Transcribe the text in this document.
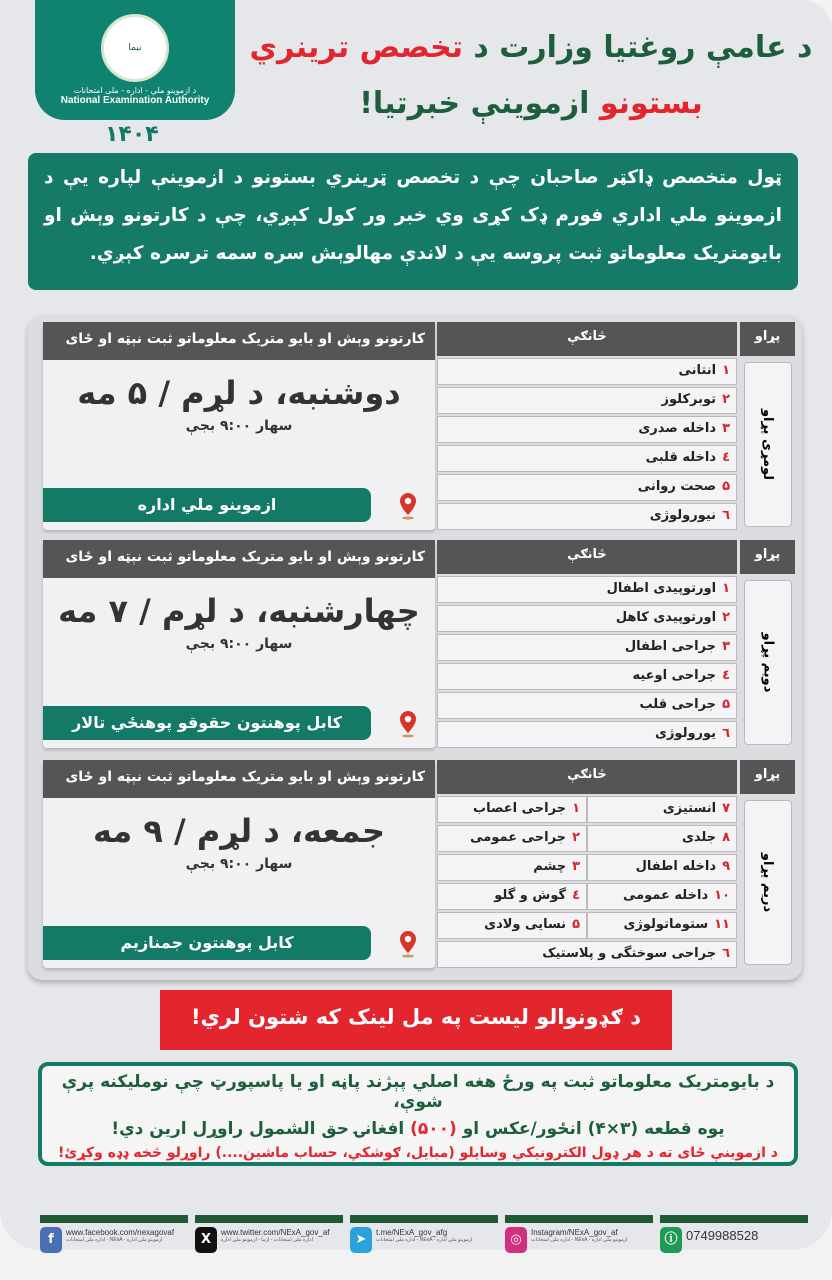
نیما
د ازموینو ملي - اداره - ملی امتحانات
National Examination Authority
۱۴۰۴
د عامې روغتیا وزارت د تخصص ترینري
بستونو ازموینې خبرتیا!
ټول متخصص ډاکټر صاحبان چې د تخصص ټرینري بستونو د ازموینې لپاره یې د ازموینو ملي اداري فورم ډک کړی وي خبر ور کول کېږي، چې د کارتونو وېش او بایومتریک معلوماتو ثبت پروسه یې د لاندې مهالوېش سره سمه ترسره کېږي.
کارتونو وېش او بایو متریک معلوماتو ثبت نېټه او ځای
دوشنبه، د لړم / ۵ مه
سهار ۹:۰۰ بجې
ازموینو ملي اداره
څانګې
۱انتانی
۲توبرکلوز
۳داخله صدری
٤داخله قلبی
۵صحت روانی
٦نیورولوژی
پړاو
لومړی پړاو
کارتونو وېش او بایو متریک معلوماتو ثبت نېټه او ځای
چهارشنبه، د لړم / ۷ مه
سهار ۹:۰۰ بجې
کابل پوهنتون حقوقو پوهنځي تالار
څانګې
۱اورتوپیدی اطفال
۲اورتوپیدی کاهل
۳جراحی اطفال
٤جراحی اوعیه
۵جراحی قلب
٦یورولوژی
پړاو
دویم پړاو
کارتونو وېش او بایو متریک معلوماتو ثبت نېټه او ځای
جمعه، د لړم / ۹ مه
سهار ۹:۰۰ بجې
کابل پوهنتون جمنازیم
څانګې
۱جراحی اعصاب	۷انستیزی
۲جراحی عمومی	۸جلدی
۳چشم	۹داخله اطفال
٤گوش و گلو	۱۰داخله عمومی
۵نسایی ولادی	۱۱ستوماتولوژی
٦جراحی سوختگی و پلاستیک
پړاو
دریم پړاو
د ګډونوالو لیست په مل لینک که شتون لري!
د بایومتریک معلوماتو ثبت په ورځ هغه اصلي پېژند پاڼه او یا پاسپورټ چې نوملیکنه پرې شوې،
یوه قطعه (۳×۴) انځور/عکس او (۵۰۰) افغانۍ حق الشمول راوړل ارین دي!
د ازموینې ځای ته د هر ډول الکترونیکي وسایلو (مبایل، ګوشکي، حساب ماشین....) راوړلو څخه ډډه وکړئ!
f	www.facebook.com/nexagovaf
اداره ملی امتحانات - NExA - ازموینو ملي اداره	X	www.twitter.com/NExA_gov_af
اداره ملی امتحانات - ازما - ازموینو ملي اداره	➤	t.me/NExA_gov_afg
اداره ملی امتحانات - NExA - ازموینو ملي اداره	◎	Instagram/NExA_gov_af
اداره ملی امتحانات - NExA - ازموینو ملي اداره	ⓘ 0749988528
